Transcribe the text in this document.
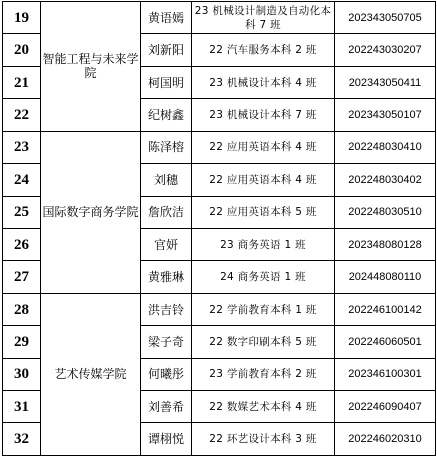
19	智能工程与未来学院	黄语嫣	23 机械设计制造及自动化本科 7 班	202343050705
20		刘新阳	22 汽车服务本科 2 班	202243030207
21		柯国明	23 机械设计本科 4 班	202343050411
22		纪树鑫	23 机械设计本科 7 班	202343050107
23	国际数字商务学院	陈泽榕	22 应用英语本科 4 班	202248030410
24		刘穗	22 应用英语本科 4 班	202248030402
25		詹欣洁	22 应用英语本科 5 班	202248030510
26		官妍	23 商务英语 1 班	202348080128
27		黄雅琳	24 商务英语 1 班	202448080110
28	艺术传媒学院	洪吉铃	22 学前教育本科 1 班	202246100142
29		梁子奇	22 数字印刷本科 5 班	202246060501
30		何曦彤	23 学前教育本科 2 班	202346100301
31		刘善希	22 数媒艺术本科 4 班	202246090407
32		谭栩悦	22 环艺设计本科 3 班	202246020310
